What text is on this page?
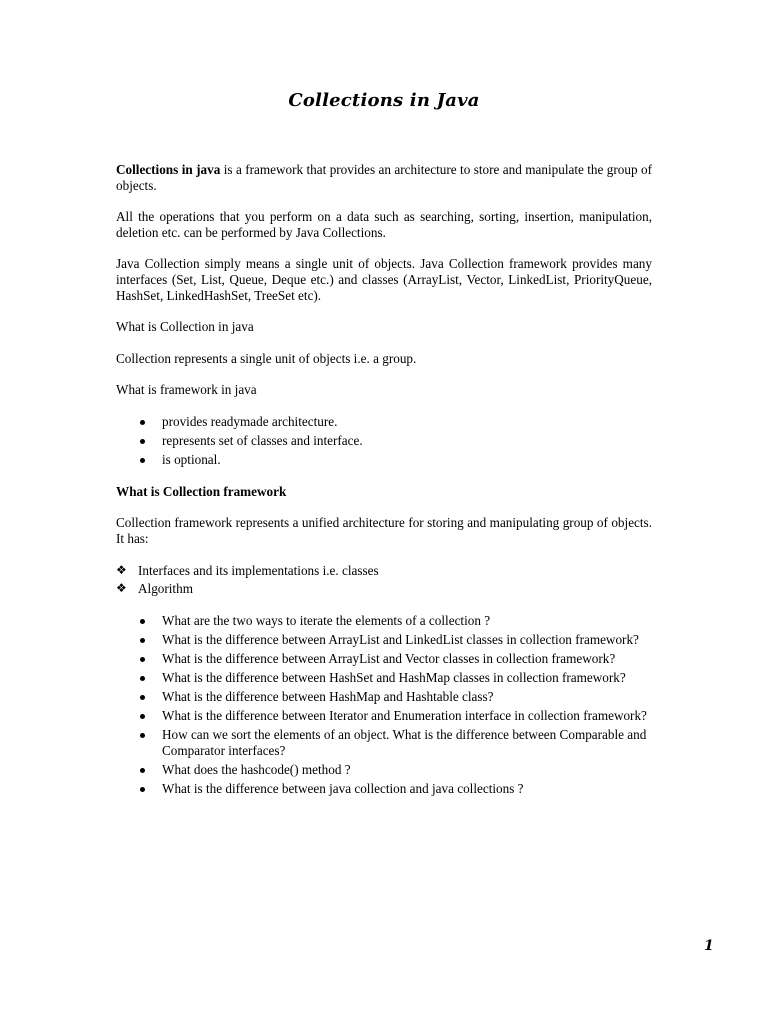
Collections in Java

Collections in java is a framework that provides an architecture to store and manipulate the group of objects.

All the operations that you perform on a data such as searching, sorting, insertion, manipulation, deletion etc. can be performed by Java Collections.

Java Collection simply means a single unit of objects. Java Collection framework provides many interfaces (Set, List, Queue, Deque etc.) and classes (ArrayList, Vector, LinkedList, PriorityQueue, HashSet, LinkedHashSet, TreeSet etc).

What is Collection in java

Collection represents a single unit of objects i.e. a group.

What is framework in java

provides readymade architecture.
represents set of classes and interface.
is optional.

What is Collection framework

Collection framework represents a unified architecture for storing and manipulating group of objects. It has:

❖ Interfaces and its implementations i.e. classes
❖ Algorithm
What are the two ways to iterate the elements of a collection ?
What is the difference between ArrayList and LinkedList classes in collection framework?
What is the difference between ArrayList and Vector classes in collection framework?
What is the difference between HashSet and HashMap classes in collection framework?
What is the difference between HashMap and Hashtable class?
What is the difference between Iterator and Enumeration interface in collection framework?
How can we sort the elements of an object. What is the difference between Comparable and Comparator interfaces?
What does the hashcode() method ?
What is the difference between java collection and java collections ?
1
